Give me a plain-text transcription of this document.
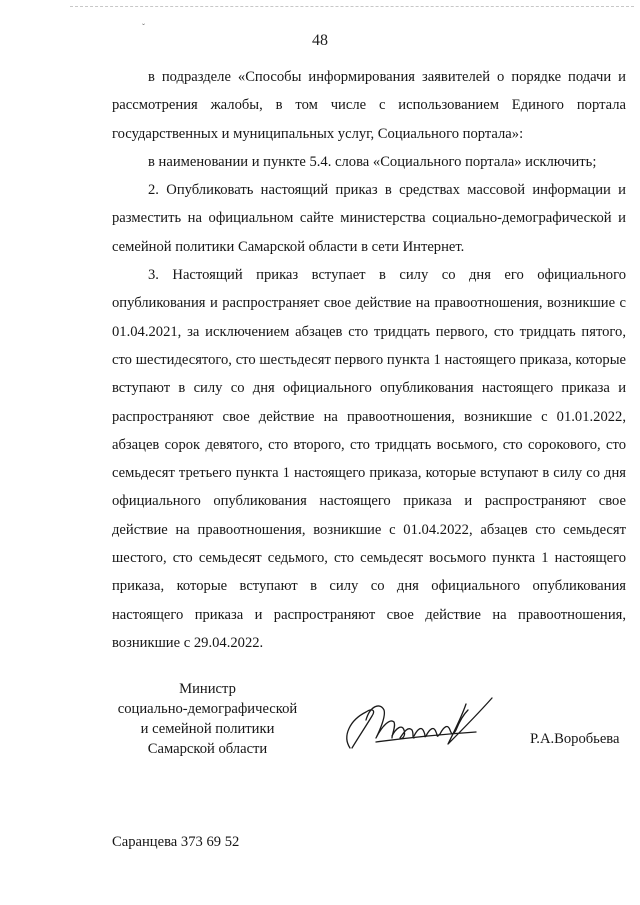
ˇ
48

в подразделе «Способы информирования заявителей о порядке подачи и рассмотрения жалобы, в том числе с использованием Единого портала государственных и муниципальных услуг, Социального портала»:

в наименовании и пункте 5.4. слова «Социального портала» исключить;

2. Опубликовать настоящий приказ в средствах массовой информации и разместить на официальном сайте министерства социально-демографической и семейной политики Самарской области в сети Интернет.

3. Настоящий приказ вступает в силу со дня его официального опубликования и распространяет свое действие на правоотношения, возникшие с 01.04.2021, за исключением абзацев сто тридцать первого, сто тридцать пятого, сто шестидесятого, сто шестьдесят первого пункта 1 настоящего приказа, которые вступают в силу со дня официального опубликования настоящего приказа и распространяют свое действие на правоотношения, возникшие с 01.01.2022, абзацев сорок девятого, сто второго, сто тридцать восьмого, сто сорокового, сто семьдесят третьего пункта 1 настоящего приказа, которые вступают в силу со дня официального опубликования настоящего приказа и распространяют свое действие на правоотношения, возникшие с 01.04.2022, абзацев сто семьдесят шестого, сто семьдесят седьмого, сто семьдесят восьмого пункта 1 настоящего приказа, которые вступают в силу со дня официального опубликования настоящего приказа и распространяют свое действие на правоотношения, возникшие с 29.04.2022.

Министр
социально-демографической
и семейной политики
Самарской области
Р.А.Воробьева
Саранцева 373 69 52
